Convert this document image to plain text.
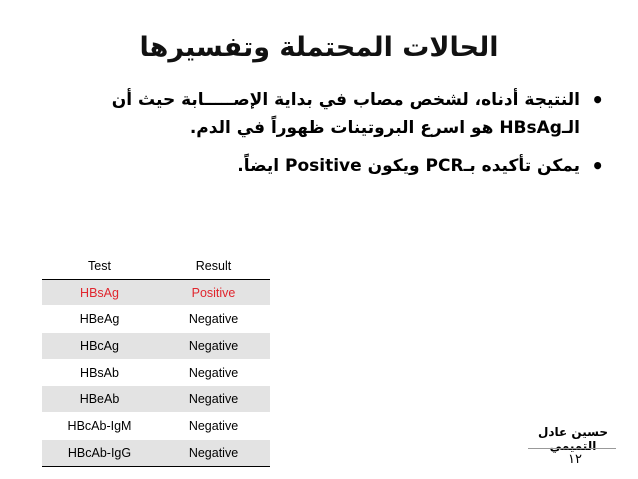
الحالات المحتملة وتفسيرها
•
النتيجة أدناه، لشخص مصاب في بداية الإصـــــابة حيث أن
الـHBsAg هو اسرع البروتينات ظهوراً في الدم.
•
يمكن تأكيده بـPCR ويكون Positive ايضاً.
Test	Result
HBsAg	Positive
HBeAg	Negative
HBcAg	Negative
HBsAb	Negative
HBeAb	Negative
HBcAb-IgM	Negative
HBcAb-IgG	Negative
حسين عادل التميمي
١٢
